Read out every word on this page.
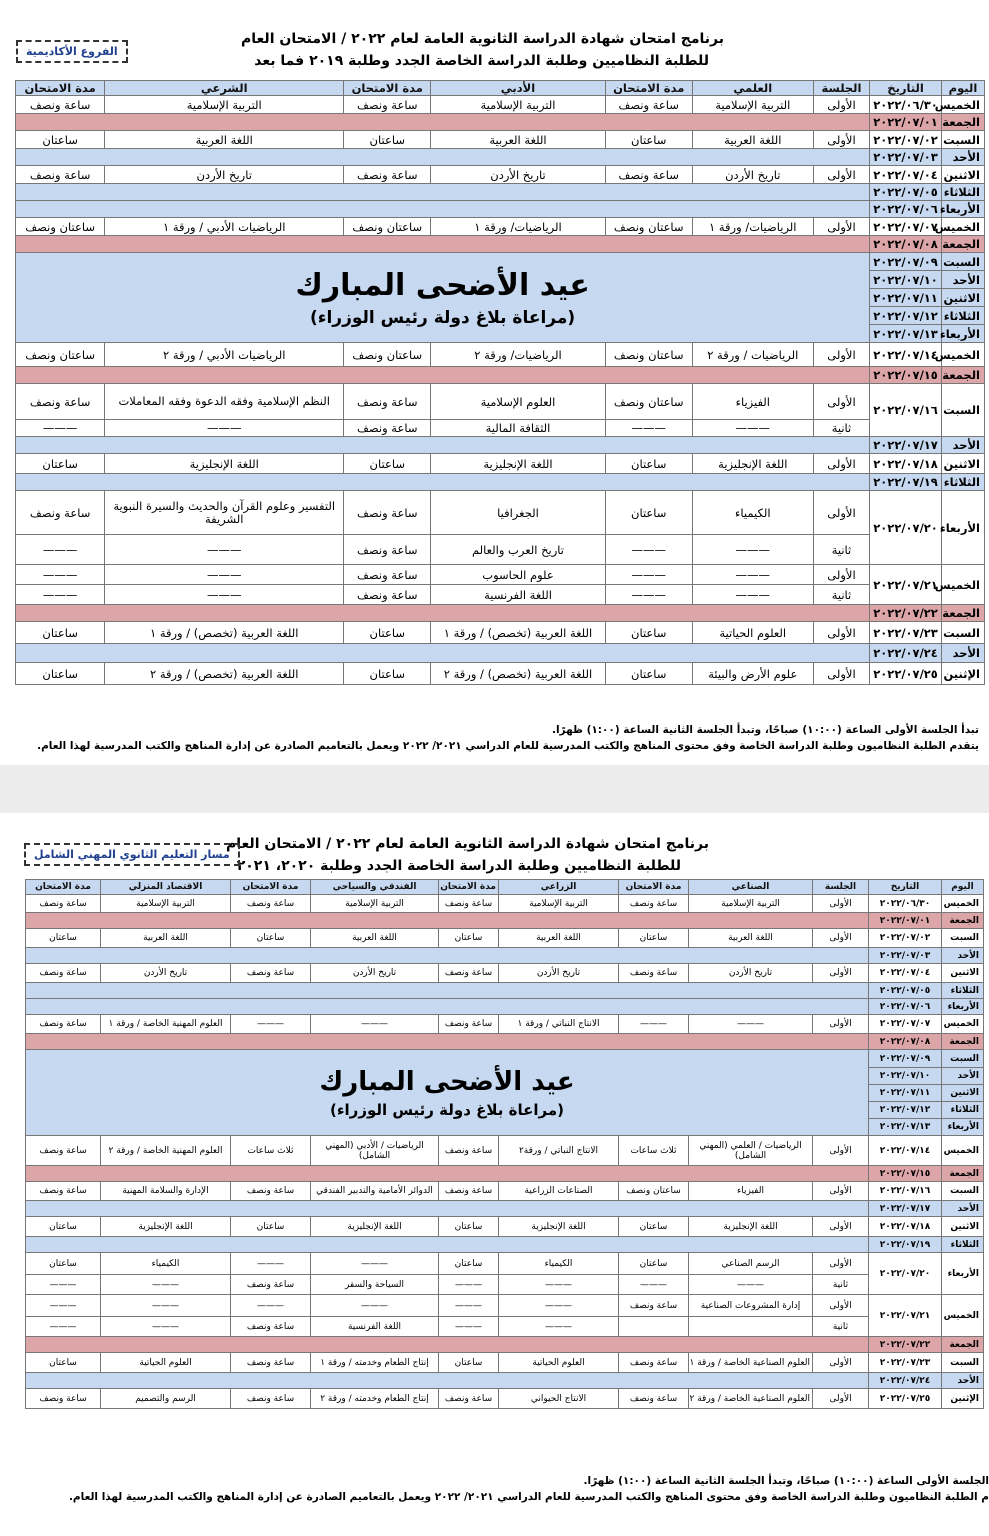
برنامج امتحان شهادة الدراسة الثانوية العامة لعام ٢٠٢٢ / الامتحان العام
للطلبة النظاميين وطلبة الدراسة الخاصة الجدد وطلبة ٢٠١٩ فما بعد
الفروع الأكاديمية
اليوم	التاريخ	الجلسة	العلمي	مدة الامتحان	الأدبي	مدة الامتحان	الشرعي	مدة الامتحان
الخميس	٢٠٢٢/٠٦/٣٠	الأولى	التربية الإسلامية	ساعة ونصف	التربية الإسلامية	ساعة ونصف	التربية الإسلامية	ساعة ونصف
الجمعة	٢٠٢٢/٠٧/٠١							
السبت	٢٠٢٢/٠٧/٠٢	الأولى	اللغة العربية	ساعتان	اللغة العربية	ساعتان	اللغة العربية	ساعتان
الأحد	٢٠٢٢/٠٧/٠٣							
الاثنين	٢٠٢٢/٠٧/٠٤	الأولى	تاريخ الأردن	ساعة ونصف	تاريخ الأردن	ساعة ونصف	تاريخ الأردن	ساعة ونصف
الثلاثاء	٢٠٢٢/٠٧/٠٥							
الأربعاء	٢٠٢٢/٠٧/٠٦							
الخميس	٢٠٢٢/٠٧/٠٧	الأولى	الرياضيات/ ورقة ١	ساعتان ونصف	الرياضيات/ ورقة ١	ساعتان ونصف	الرياضيات الأدبي / ورقة ١	ساعتان ونصف
الجمعة	٢٠٢٢/٠٧/٠٨							
السبت	٢٠٢٢/٠٧/٠٩	عيد الأضحى المبارك
(مراعاة بلاغ دولة رئيس الوزراء)						

الأحد	٢٠٢٢/٠٧/١٠							
الاثنين	٢٠٢٢/٠٧/١١							
الثلاثاء	٢٠٢٢/٠٧/١٢							
الأربعاء	٢٠٢٢/٠٧/١٣							
الخميس	٢٠٢٢/٠٧/١٤	الأولى	الرياضيات / ورقة ٢	ساعتان ونصف	الرياضيات/ ورقة ٢	ساعتان ونصف	الرياضيات الأدبي / ورقة ٢	ساعتان ونصف
الجمعة	٢٠٢٢/٠٧/١٥							
السبت	٢٠٢٢/٠٧/١٦	الأولى	الفيزياء	ساعتان ونصف	العلوم الإسلامية	ساعة ونصف	النظم الإسلامية وفقه الدعوة وفقه المعاملات	ساعة ونصف
		ثانية	———	———	الثقافة المالية	ساعة ونصف	———	———
الأحد	٢٠٢٢/٠٧/١٧							
الاثنين	٢٠٢٢/٠٧/١٨	الأولى	اللغة الإنجليزية	ساعتان	اللغة الإنجليزية	ساعتان	اللغة الإنجليزية	ساعتان
الثلاثاء	٢٠٢٢/٠٧/١٩							
الأربعاء	٢٠٢٢/٠٧/٢٠	الأولى	الكيمياء	ساعتان	الجغرافيا	ساعة ونصف	التفسير وعلوم القرآن والحديث والسيرة النبوية الشريفة	ساعة ونصف
		ثانية	———	———	تاريخ العرب والعالم	ساعة ونصف	———	———
الخميس	٢٠٢٢/٠٧/٢١	الأولى	———	———	علوم الحاسوب	ساعة ونصف	———	———
		ثانية	———	———	اللغة الفرنسية	ساعة ونصف	———	———
الجمعة	٢٠٢٢/٠٧/٢٢							
السبت	٢٠٢٢/٠٧/٢٣	الأولى	العلوم الحياتية	ساعتان	اللغة العربية (تخصص) / ورقة ١	ساعتان	اللغة العربية (تخصص) / ورقة ١	ساعتان
الأحد	٢٠٢٢/٠٧/٢٤							
الإثنين	٢٠٢٢/٠٧/٢٥	الأولى	علوم الأرض والبيئة	ساعتان	اللغة العربية (تخصص) / ورقة ٢	ساعتان	اللغة العربية (تخصص) / ورقة ٢	ساعتان
تبدأ الجلسة الأولى الساعة (١٠:٠٠) صباحًا، وتبدأ الجلسة الثانية الساعة (١:٠٠) ظهرًا.
يتقدم الطلبة النظاميون وطلبة الدراسة الخاصة وفق محتوى المناهج والكتب المدرسية للعام الدراسي ٢٠٢١/ ٢٠٢٢ ويعمل بالتعاميم الصادرة عن إدارة المناهج والكتب المدرسية لهذا العام.
برنامج امتحان شهادة الدراسة الثانوية العامة لعام ٢٠٢٢ / الامتحان العام
للطلبة النظاميين وطلبة الدراسة الخاصة الجدد وطلبة ٢٠٢٠، ٢٠٢١
مسار التعليم الثانوي المهني الشامل
اليوم	التاريخ	الجلسة	الصناعي	مدة الامتحان	الزراعي	مدة الامتحان	الفندقي والسياحي	مدة الامتحان	الاقتصاد المنزلي	مدة الامتحان
الخميس	٢٠٢٢/٠٦/٣٠	الأولى	التربية الإسلامية	ساعة ونصف	التربية الإسلامية	ساعة ونصف	التربية الإسلامية	ساعة ونصف	التربية الإسلامية	ساعة ونصف
الجمعة	٢٠٢٢/٠٧/٠١									
السبت	٢٠٢٢/٠٧/٠٢	الأولى	اللغة العربية	ساعتان	اللغة العربية	ساعتان	اللغة العربية	ساعتان	اللغة العربية	ساعتان
الأحد	٢٠٢٢/٠٧/٠٣									
الاثنين	٢٠٢٢/٠٧/٠٤	الأولى	تاريخ الأردن	ساعة ونصف	تاريخ الأردن	ساعة ونصف	تاريخ الأردن	ساعة ونصف	تاريخ الأردن	ساعة ونصف
الثلاثاء	٢٠٢٢/٠٧/٠٥									
الأربعاء	٢٠٢٢/٠٧/٠٦									
الخميس	٢٠٢٢/٠٧/٠٧	الأولى	———	———	الانتاج النباتي / ورقة ١	ساعة ونصف	———	———	العلوم المهنية الخاصة / ورقة ١	ساعة ونصف
الجمعة	٢٠٢٢/٠٧/٠٨									
السبت	٢٠٢٢/٠٧/٠٩	عيد الأضحى المبارك
(مراعاة بلاغ دولة رئيس الوزراء)								

الأحد	٢٠٢٢/٠٧/١٠									
الاثنين	٢٠٢٢/٠٧/١١									
الثلاثاء	٢٠٢٢/٠٧/١٢									
الأربعاء	٢٠٢٢/٠٧/١٣									
الخميس	٢٠٢٢/٠٧/١٤	الأولى	الرياضيات / العلمي (المهني الشامل)	ثلاث ساعات	الانتاج النباتي / ورقة٢	ساعة ونصف	الرياضيات / الأدبي (المهني الشامل)	ثلاث ساعات	العلوم المهنية الخاصة / ورقة ٢	ساعة ونصف
الجمعة	٢٠٢٢/٠٧/١٥									
السبت	٢٠٢٢/٠٧/١٦	الأولى	الفيزياء	ساعتان ونصف	الصناعات الزراعية	ساعة ونصف	الدوائر الأمامية والتدبير الفندقي	ساعة ونصف	الإدارة والسلامة المهنية	ساعة ونصف
الأحد	٢٠٢٢/٠٧/١٧									
الاثنين	٢٠٢٢/٠٧/١٨	الأولى	اللغة الإنجليزية	ساعتان	اللغة الإنجليزية	ساعتان	اللغة الإنجليزية	ساعتان	اللغة الإنجليزية	ساعتان
الثلاثاء	٢٠٢٢/٠٧/١٩									
الأربعاء	٢٠٢٢/٠٧/٢٠	الأولى	الرسم الصناعي	ساعتان	الكيمياء	ساعتان	———	———	الكيمياء	ساعتان
		ثانية	———	———	———	———	السياحة والسفر	ساعة ونصف	———	———
الخميس	٢٠٢٢/٠٧/٢١	الأولى	إدارة المشروعات الصناعية	ساعة ونصف	———	———	———	———	———	———
		ثانية			———	———	اللغة الفرنسية	ساعة ونصف	———	———
الجمعة	٢٠٢٢/٠٧/٢٢									
السبت	٢٠٢٢/٠٧/٢٣	الأولى	العلوم الصناعية الخاصة / ورقة ١	ساعة ونصف	العلوم الحياتية	ساعتان	إنتاج الطعام وخدمته / ورقة ١	ساعة ونصف	العلوم الحياتية	ساعتان
الأحد	٢٠٢٢/٠٧/٢٤									
الإثنين	٢٠٢٢/٠٧/٢٥	الأولى	العلوم الصناعية الخاصة / ورقة ٢	ساعة ونصف	الانتاج الحيواني	ساعة ونصف	إنتاج الطعام وخدمته / ورقة ٢	ساعة ونصف	الرسم والتصميم	ساعة ونصف
الجلسة الأولى الساعة (١٠:٠٠) صباحًا، وتبدأ الجلسة الثانية الساعة (١:٠٠) ظهرًا.
م الطلبة النظاميون وطلبة الدراسة الخاصة وفق محتوى المناهج والكتب المدرسية للعام الدراسي ٢٠٢١/ ٢٠٢٢ ويعمل بالتعاميم الصادرة عن إدارة المناهج والكتب المدرسية لهذا العام.
